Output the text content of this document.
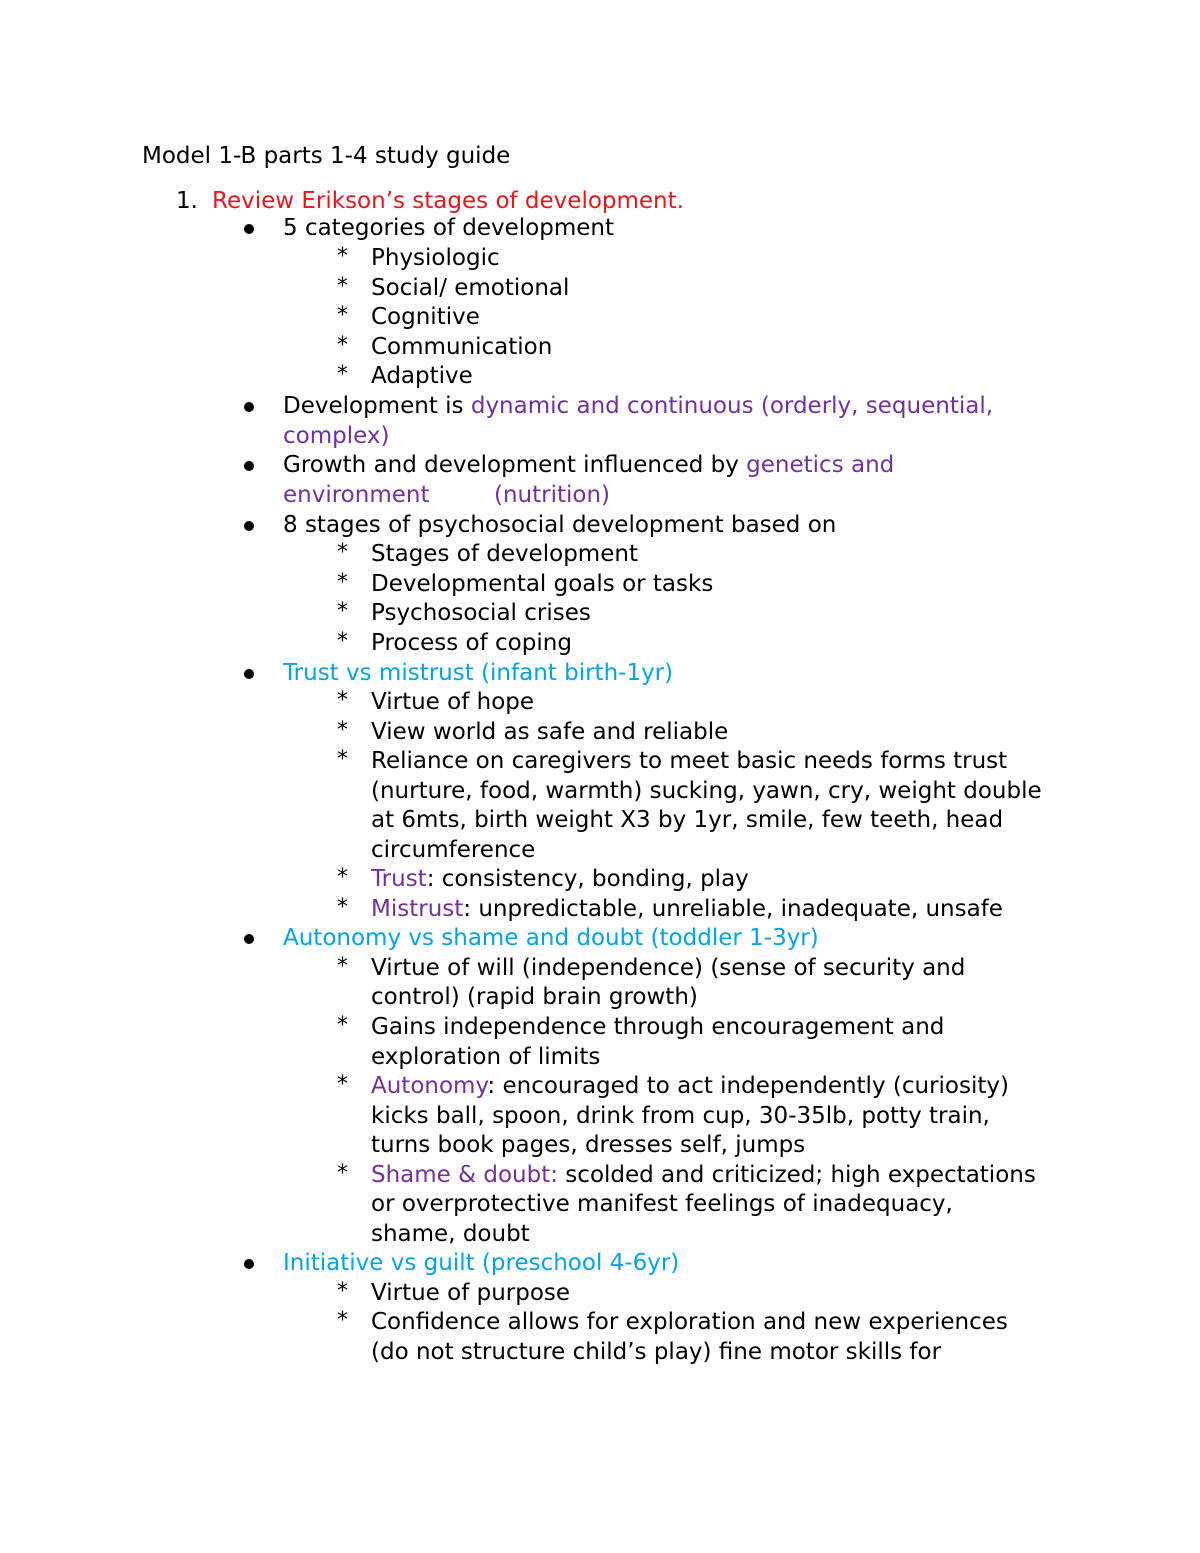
Model 1-B parts 1-4 study guide
1. Review Erikson’s stages of development.
5 categories of development
* Physiologic
* Social/ emotional
* Cognitive
* Communication
* Adaptive
Development is dynamic and continuous (orderly, sequential,
complex)
Growth and development influenced by genetics and
environment	(nutrition)
8 stages of psychosocial development based on
* Stages of development
* Developmental goals or tasks
* Psychosocial crises
* Process of coping
Trust vs mistrust (infant birth-1yr)
* Virtue of hope
* View world as safe and reliable
* Reliance on caregivers to meet basic needs forms trust
(nurture, food, warmth) sucking, yawn, cry, weight double
at 6mts, birth weight X3 by 1yr, smile, few teeth, head
circumference
* Trust: consistency, bonding, play
* Mistrust: unpredictable, unreliable, inadequate, unsafe
Autonomy vs shame and doubt (toddler 1-3yr)
* Virtue of will (independence) (sense of security and
control) (rapid brain growth)
* Gains independence through encouragement and
exploration of limits
* Autonomy: encouraged to act independently (curiosity)
kicks ball, spoon, drink from cup, 30-35lb, potty train,
turns book pages, dresses self, jumps
* Shame & doubt: scolded and criticized; high expectations
or overprotective manifest feelings of inadequacy,
shame, doubt
Initiative vs guilt (preschool 4-6yr)
* Virtue of purpose
* Confidence allows for exploration and new experiences
(do not structure child’s play) fine motor skills for
